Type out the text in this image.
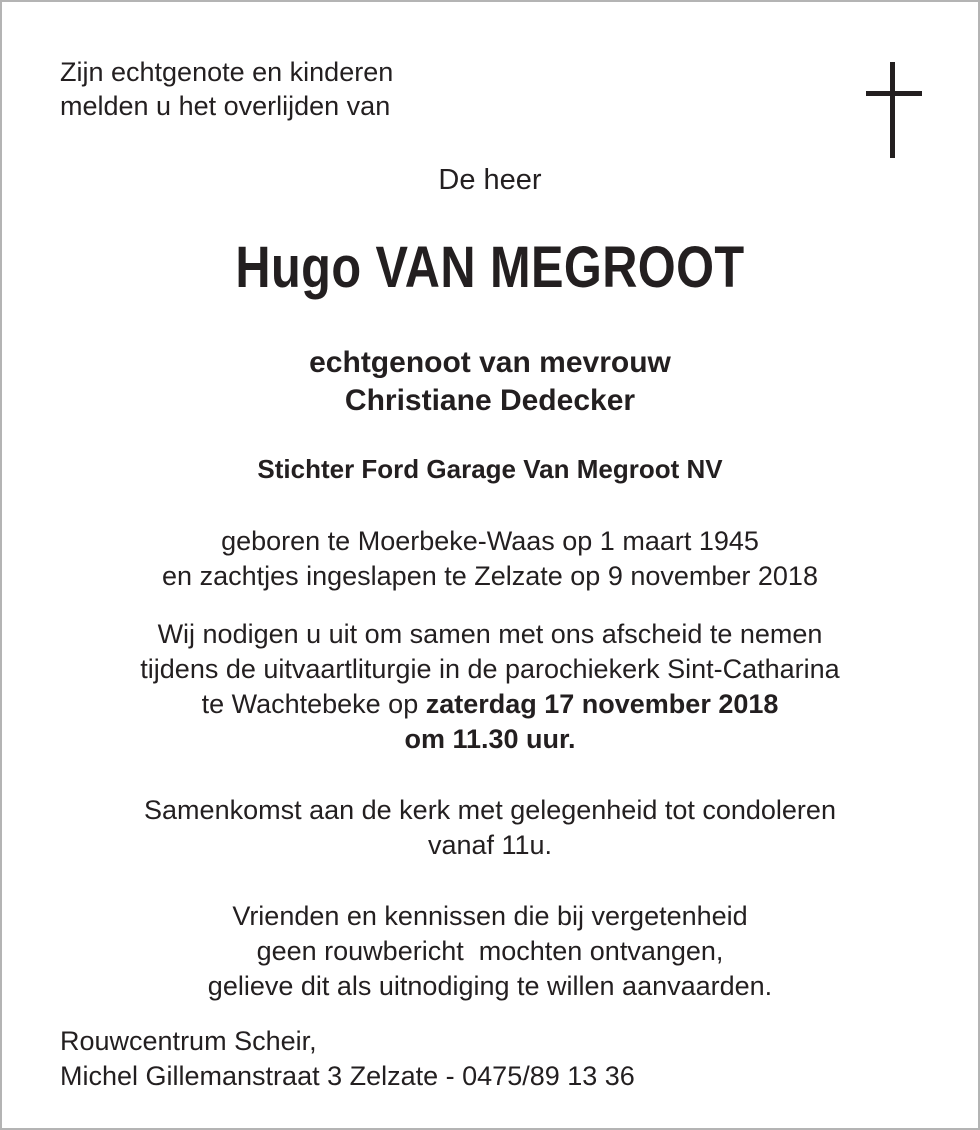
Zijn echtgenote en kinderen
melden u het overlijden van
De heer
Hugo VAN MEGROOT
echtgenoot van mevrouw
Christiane Dedecker
Stichter Ford Garage Van Megroot NV
geboren te Moerbeke-Waas op 1 maart 1945
en zachtjes ingeslapen te Zelzate op 9 november 2018
Wij nodigen u uit om samen met ons afscheid te nemen
tijdens de uitvaartliturgie in de parochiekerk Sint-Catharina
te Wachtebeke op zaterdag 17 november 2018
om 11.30 uur.
Samenkomst aan de kerk met gelegenheid tot condoleren
vanaf 11u.
Vrienden en kennissen die bij vergetenheid
geen rouwbericht  mochten ontvangen,
gelieve dit als uitnodiging te willen aanvaarden.
Rouwcentrum Scheir,
Michel Gillemanstraat 3 Zelzate - 0475/89 13 36
